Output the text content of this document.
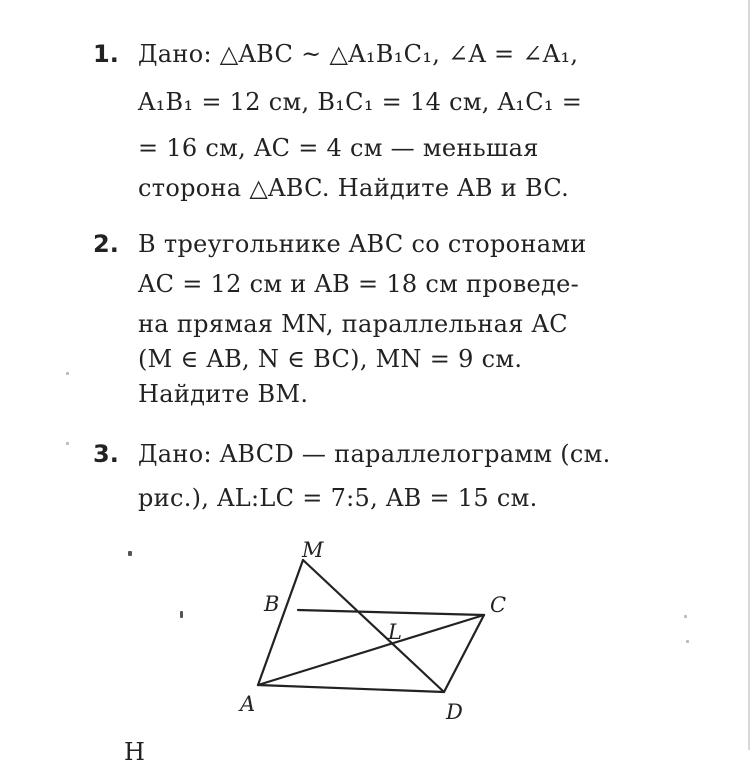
1. Дано: △ABC ~ △A₁B₁C₁, ∠A = ∠A₁,
A₁B₁ = 12 см, B₁C₁ = 14 см, A₁C₁ =
= 16 см, AC = 4 см — меньшая
сторона △ABC. Найдите AB и BC.
2. В треугольнике ABC со сторонами
AC = 12 см и AB = 18 см проведе-
на прямая MN, параллельная AC
(M ∈ AB, N ∈ BC), MN = 9 см.
Найдите BM.
3. Дано: ABCD — параллелограмм (см.
рис.), AL:LC = 7:5, AB = 15 см.
M
B	C
L
A	D
Н
